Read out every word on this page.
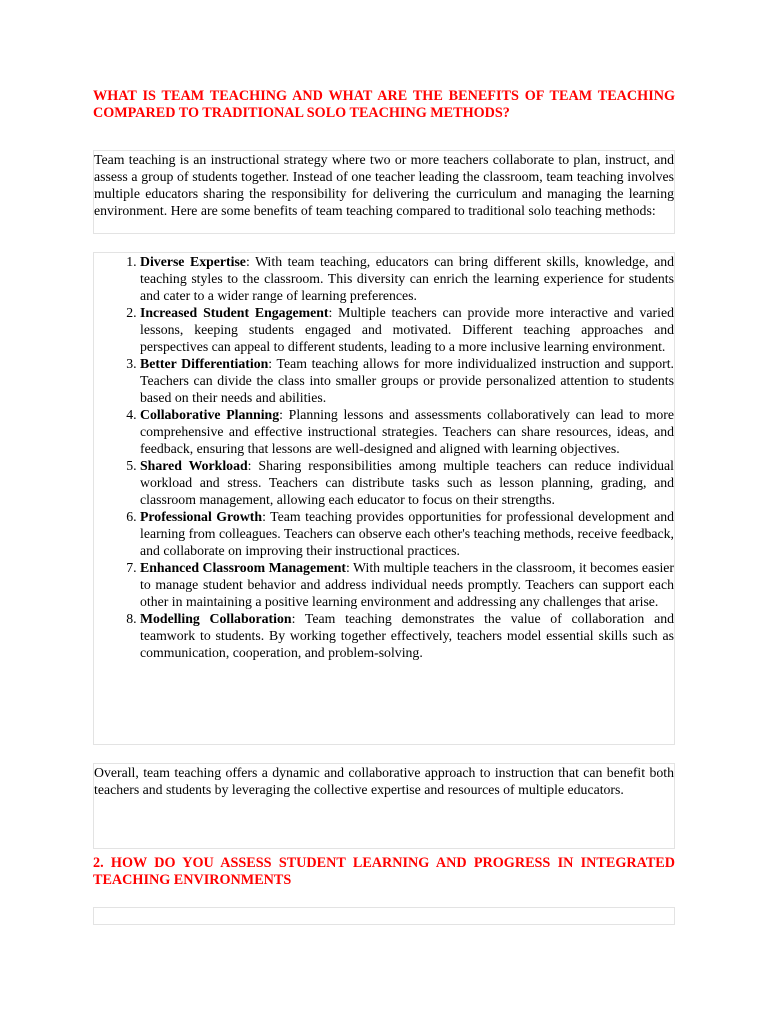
WHAT IS TEAM TEACHING AND WHAT ARE THE BENEFITS OF TEAM TEACHING COMPARED TO TRADITIONAL SOLO TEACHING METHODS?

Team teaching is an instructional strategy where two or more teachers collaborate to plan, instruct, and assess a group of students together. Instead of one teacher leading the classroom, team teaching involves multiple educators sharing the responsibility for delivering the curriculum and managing the learning environment. Here are some benefits of team teaching compared to traditional solo teaching methods:

1. Diverse Expertise: With team teaching, educators can bring different skills, knowledge, and teaching styles to the classroom. This diversity can enrich the learning experience for students and cater to a wider range of learning preferences.
2. Increased Student Engagement: Multiple teachers can provide more interactive and varied lessons, keeping students engaged and motivated. Different teaching approaches and perspectives can appeal to different students, leading to a more inclusive learning environment.
3. Better Differentiation: Team teaching allows for more individualized instruction and support. Teachers can divide the class into smaller groups or provide personalized attention to students based on their needs and abilities.
4. Collaborative Planning: Planning lessons and assessments collaboratively can lead to more comprehensive and effective instructional strategies. Teachers can share resources, ideas, and feedback, ensuring that lessons are well-designed and aligned with learning objectives.
5. Shared Workload: Sharing responsibilities among multiple teachers can reduce individual workload and stress. Teachers can distribute tasks such as lesson planning, grading, and classroom management, allowing each educator to focus on their strengths.
6. Professional Growth: Team teaching provides opportunities for professional development and learning from colleagues. Teachers can observe each other's teaching methods, receive feedback, and collaborate on improving their instructional practices.
7. Enhanced Classroom Management: With multiple teachers in the classroom, it becomes easier to manage student behavior and address individual needs promptly. Teachers can support each other in maintaining a positive learning environment and addressing any challenges that arise.
8. Modelling Collaboration: Team teaching demonstrates the value of collaboration and teamwork to students. By working together effectively, teachers model essential skills such as communication, cooperation, and problem-solving.

Overall, team teaching offers a dynamic and collaborative approach to instruction that can benefit both teachers and students by leveraging the collective expertise and resources of multiple educators.

2. HOW DO YOU ASSESS STUDENT LEARNING AND PROGRESS IN INTEGRATED TEACHING ENVIRONMENTS
